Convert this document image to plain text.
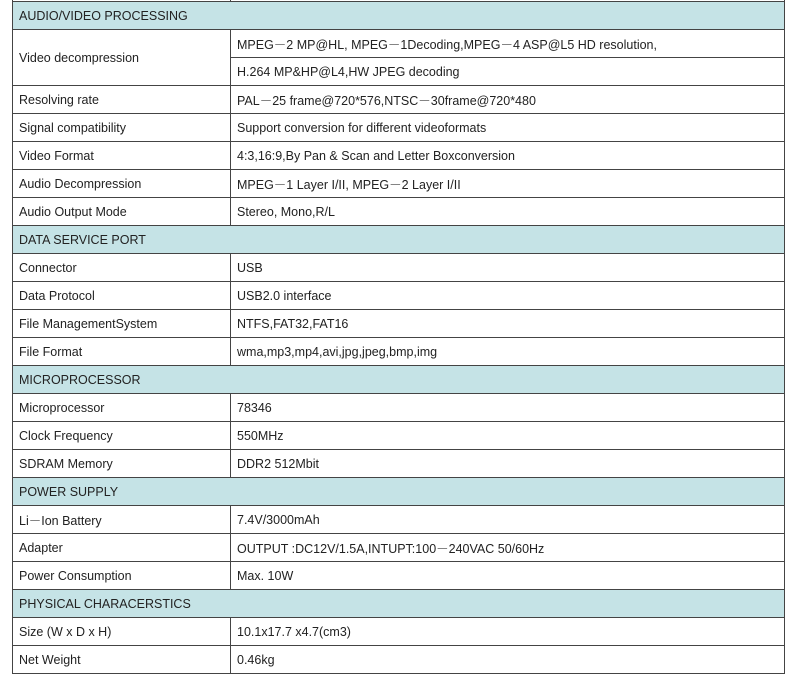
AUDIO/VIDEO PROCESSING	
Video decompression	MPEG－2 MP@HL, MPEG－1Decoding,MPEG－4 ASP@L5 HD resolution,
	H.264 MP&HP@L4,HW JPEG decoding
Resolving rate	PAL－25 frame@720*576,NTSC－30frame@720*480
Signal compatibility	Support conversion for different videoformats
Video Format	4:3,16:9,By Pan & Scan and Letter Boxconversion
Audio Decompression	MPEG－1 Layer I/II, MPEG－2 Layer I/II
Audio Output Mode	Stereo, Mono,R/L
DATA SERVICE PORT	
Connector	USB
Data Protocol	USB2.0 interface
File ManagementSystem	NTFS,FAT32,FAT16
File Format	wma,mp3,mp4,avi,jpg,jpeg,bmp,img
MICROPROCESSOR	
Microprocessor	78346
Clock Frequency	550MHz
SDRAM Memory	DDR2 512Mbit
POWER SUPPLY	
Li－Ion Battery	7.4V/3000mAh
Adapter	OUTPUT :DC12V/1.5A,INTUPT:100－240VAC 50/60Hz
Power Consumption	Max. 10W
PHYSICAL CHARACERSTICS	
Size (W x D x H)	10.1x17.7 x4.7(cm3)
Net Weight	0.46kg
